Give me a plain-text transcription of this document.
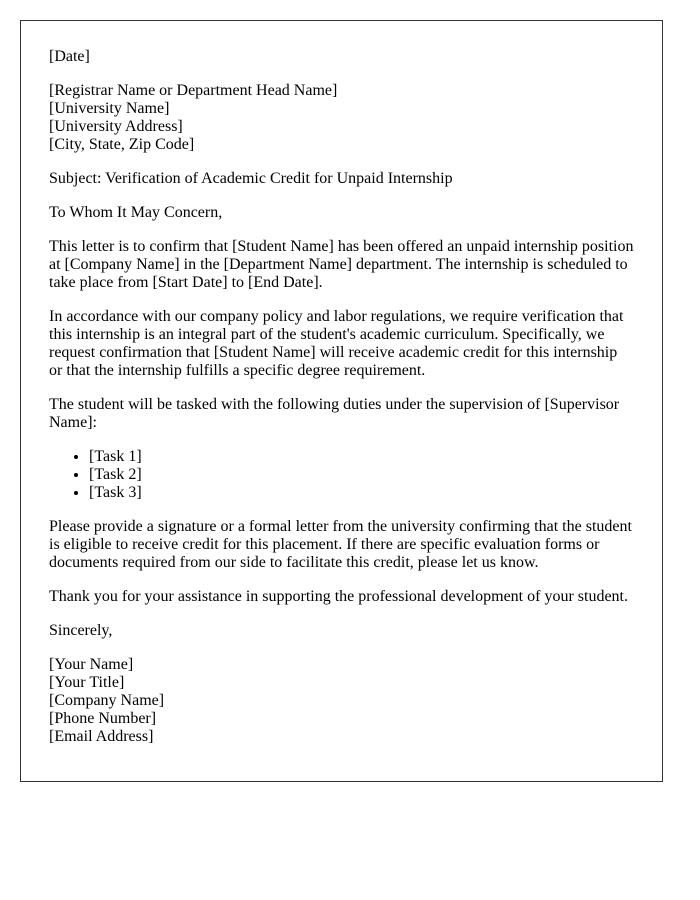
[Date]

[Registrar Name or Department Head Name]
[University Name]
[University Address]
[City, State, Zip Code]

Subject: Verification of Academic Credit for Unpaid Internship

To Whom It May Concern,

This letter is to confirm that [Student Name] has been offered an unpaid internship position at [Company Name] in the [Department Name] department. The internship is scheduled to take place from [Start Date] to [End Date].

In accordance with our company policy and labor regulations, we require verification that this internship is an integral part of the student's academic curriculum. Specifically, we request confirmation that [Student Name] will receive academic credit for this internship or that the internship fulfills a specific degree requirement.

The student will be tasked with the following duties under the supervision of [Supervisor Name]:

• [Task 1]
• [Task 2]
• [Task 3]

Please provide a signature or a formal letter from the university confirming that the student is eligible to receive credit for this placement. If there are specific evaluation forms or documents required from our side to facilitate this credit, please let us know.

Thank you for your assistance in supporting the professional development of your student.

Sincerely,

[Your Name]
[Your Title]
[Company Name]
[Phone Number]
[Email Address]
